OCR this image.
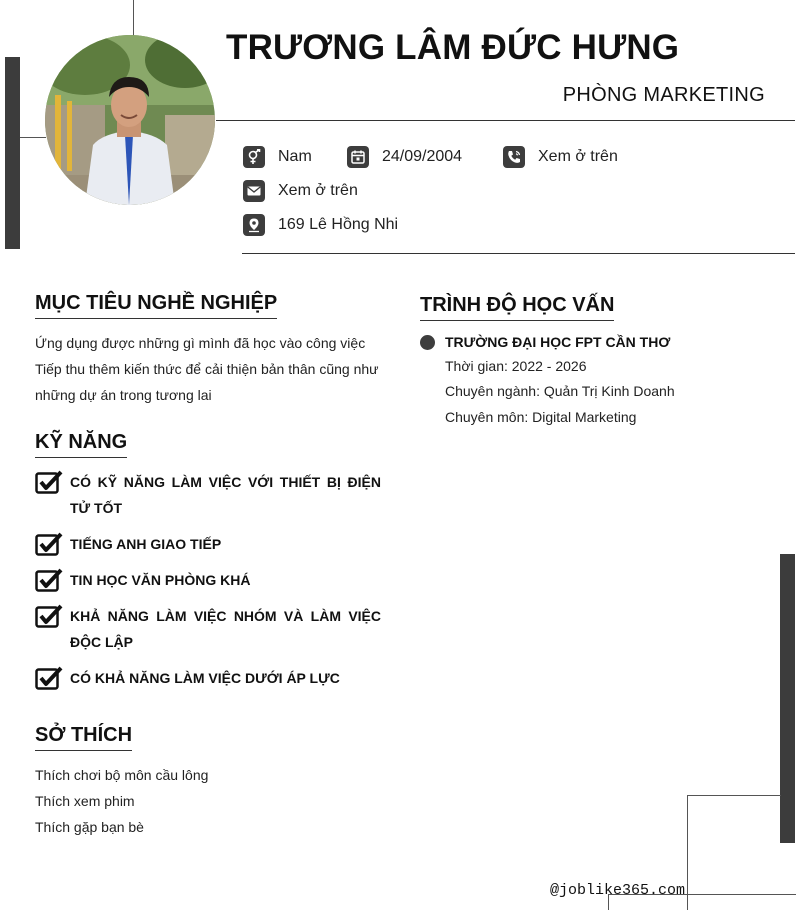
TRƯƠNG LÂM ĐỨC HƯNG
PHÒNG MARKETING
Nam	24/09/2004	Xem ở trên
Xem ở trên
169 Lê Hồng Nhi
MỤC TIÊU NGHỀ NGHIỆP
Ứng dụng được những gì mình đã học vào công việc
Tiếp thu thêm kiến thức để cải thiện bản thân cũng như
những dự án trong tương lai
KỸ NĂNG
CÓ KỸ NĂNG LÀM VIỆC VỚI THIẾT BỊ ĐIỆN TỬ TỐT
TIẾNG ANH GIAO TIẾP
TIN HỌC VĂN PHÒNG KHÁ
KHẢ NĂNG LÀM VIỆC NHÓM VÀ LÀM VIỆC ĐỘC LẬP
CÓ KHẢ NĂNG LÀM VIỆC DƯỚI ÁP LỰC
SỞ THÍCH
Thích chơi bộ môn cầu lông
Thích xem phim
Thích gặp bạn bè
TRÌNH ĐỘ HỌC VẤN
TRƯỜNG ĐẠI HỌC FPT CẦN THƠ
Thời gian: 2022 - 2026
Chuyên ngành: Quản Trị Kinh Doanh
Chuyên môn: Digital Marketing
@joblike365.com
